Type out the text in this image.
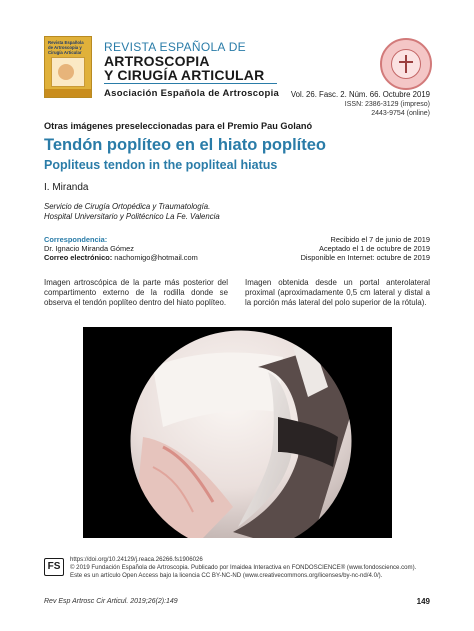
Revista Española de Artroscopia y Cirugía Articular	REVISTA ESPAÑOLA DE
ARTROSCOPIA
Y CIRUGÍA ARTICULAR
Asociación Española de Artroscopia Vol. 26. Fasc. 2. Núm. 66. Octubre 2019
ISSN: 2386-3129 (impreso)
2443-9754 (online)
Otras imágenes preseleccionadas para el Premio Pau Golanó
Tendón poplíteo en el hiato poplíteo
Popliteus tendon in the popliteal hiatus
I. Miranda
Servicio de Cirugía Ortopédica y Traumatología.
Hospital Universitario y Politécnico La Fe. Valencia
Correspondencia:
Dr. Ignacio Miranda Gómez
Correo electrónico: nachomigo@hotmail.com
Recibido el 7 de junio de 2019
Aceptado el 1 de octubre de 2019
Disponible en Internet: octubre de 2019
Imagen artroscópica de la parte más posterior del compartimento externo de la rodilla donde se observa el tendón poplíteo dentro del hiato poplíteo.
Imagen obtenida desde un portal anterolateral proximal (aproximadamente 0,5 cm lateral y distal a la porción más lateral del polo superior de la rótula).
FS
https://doi.org/10.24129/j.reaca.26266.fs1906026
© 2019 Fundación Española de Artroscopia. Publicado por Imaidea Interactiva en FONDOSCIENCE® (www.fondoscience.com).
Este es un artículo Open Access bajo la licencia CC BY-NC-ND (www.creativecommons.org/licenses/by-nc-nd/4.0/).
Rev Esp Artrosc Cir Articul. 2019;26(2):149	149
